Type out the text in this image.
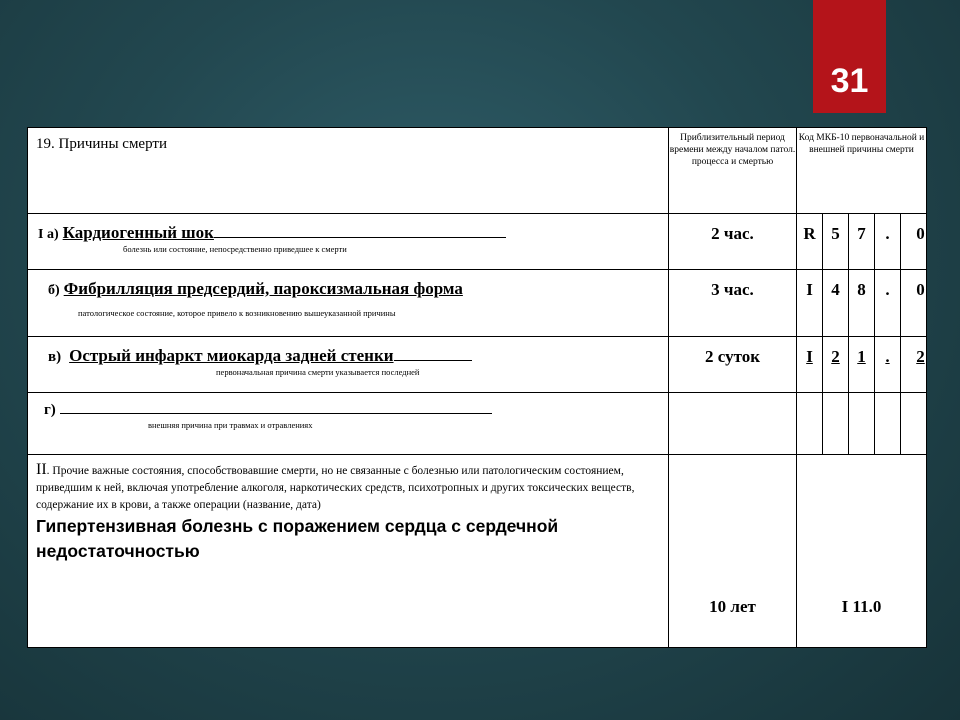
31
19. Причины смерти	Приблизительный период времени между началом патол. процесса и смертью	Код МКБ-10 первоначальной и внешней причины смерти				

I а) Кардиогенный шок
болезнь или состояние, непосредственно приведшее к смерти	2 час.	R	5	7	.	0

б) Фибрилляция предсердий, пароксизмальная форма
патологическое состояние, которое привело к возникновению вышеуказанной причины	3 час.	I	4	8	.	0

в) Острый инфаркт миокарда задней стенки
первоначальная причина смерти указывается последней	2 суток	I	2	1	.	2

г)
внешняя причина при травмах и отравлениях						

II. Прочие важные состояния, способствовавшие смерти, но не связанные с болезнью или патологическим состоянием, приведшим к ней, включая употребление алкоголя, наркотических средств, психотропных и других токсических веществ, содержание их в крови, а также операции (название, дата)
Гипертензивная болезнь с поражением сердца с сердечной недостаточностью	10 лет	I 11.0				
